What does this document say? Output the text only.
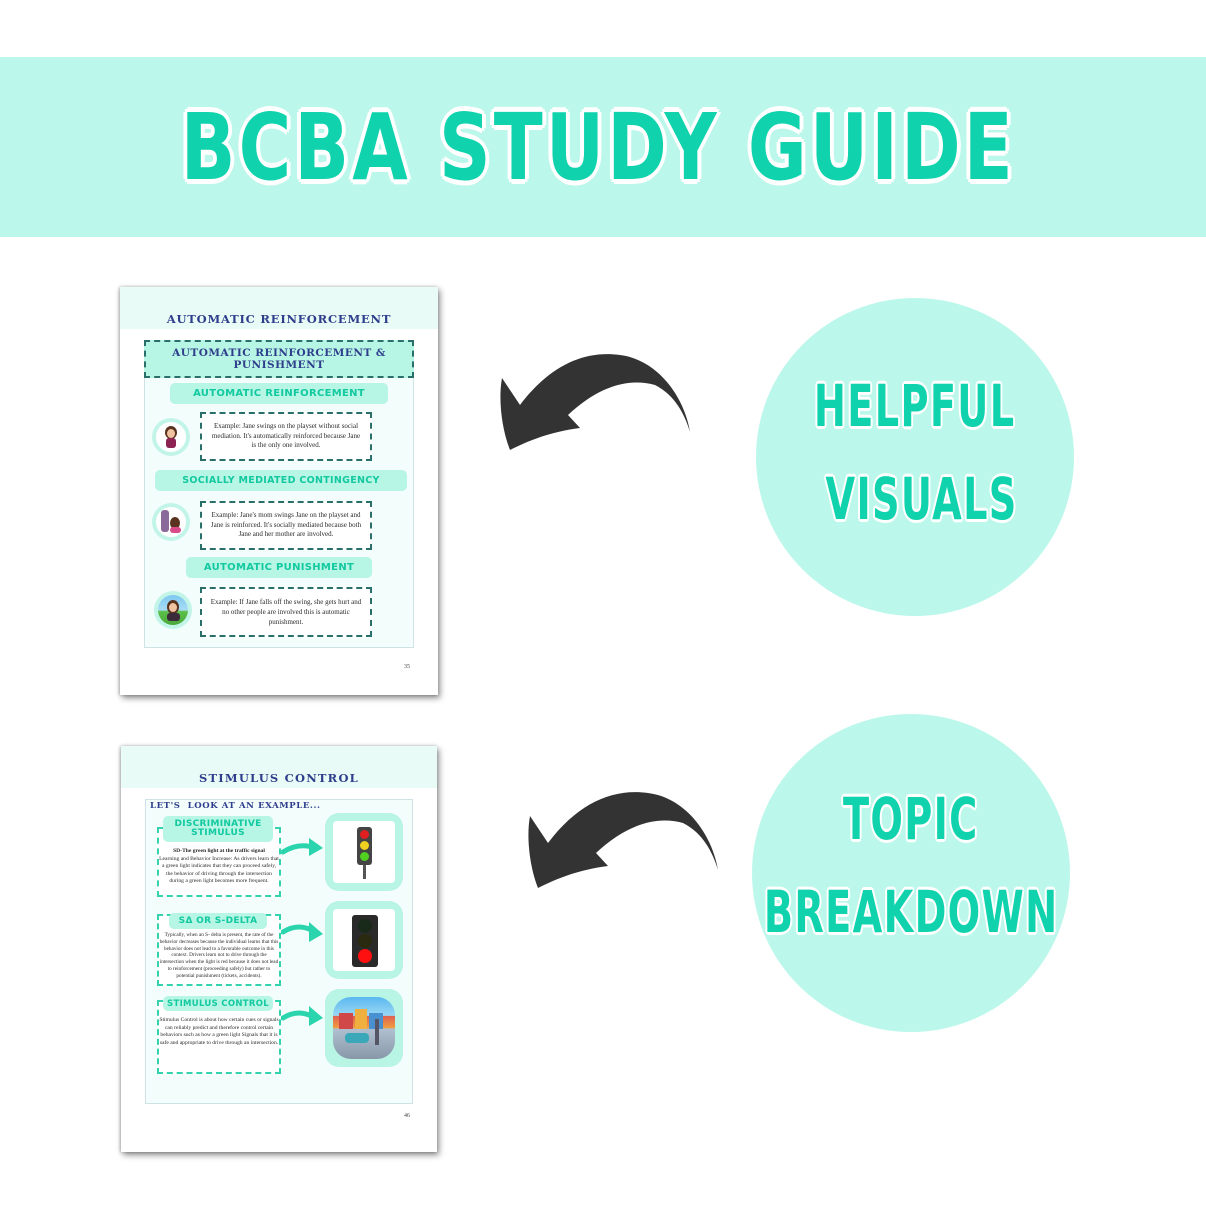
BCBA STUDY GUIDE
AUTOMATIC REINFORCEMENT
AUTOMATIC REINFORCEMENT &
PUNISHMENT
AUTOMATIC REINFORCEMENT
Example: Jane swings on the playset without social mediation. It's automatically reinforced because Jane is the only one involved.
SOCIALLY MEDIATED CONTINGENCY
Example: Jane's mom swings Jane on the playset and Jane is reinforced. It's socially mediated because both Jane and her mother are involved.
AUTOMATIC PUNISHMENT
Example: If Jane falls off the swing, she gets hurt and no other people are involved this is automatic punishment.
35
STIMULUS CONTROL
LET'S  LOOK AT AN EXAMPLE...
DISCRIMINATIVE
STIMULUS
SD-The green light at the traffic signal
Learning and Behavior Increase: As drivers learn that a green light indicates that they can proceed safely, the behavior of driving through the intersection during a green light becomes more frequent.
SΔ OR S-DELTA
Typically, when an S- delta is present, the rate of the behavior decreases because the individual learns that this behavior does not lead to a favorable outcome in this context. Drivers learn not to drive through the intersection when the light is red because it does not lead to reinforcement (proceeding safely) but rather to potential punishment (tickets, accidents).
STIMULUS CONTROL
Stimulus Control is about how certain cues or signals can reliably predict and therefore control certain behaviors such as how a green light Signals that it is safe and appropriate to drive through an intersection.
46
HELPFUL
VISUALS
TOPIC
BREAKDOWN
